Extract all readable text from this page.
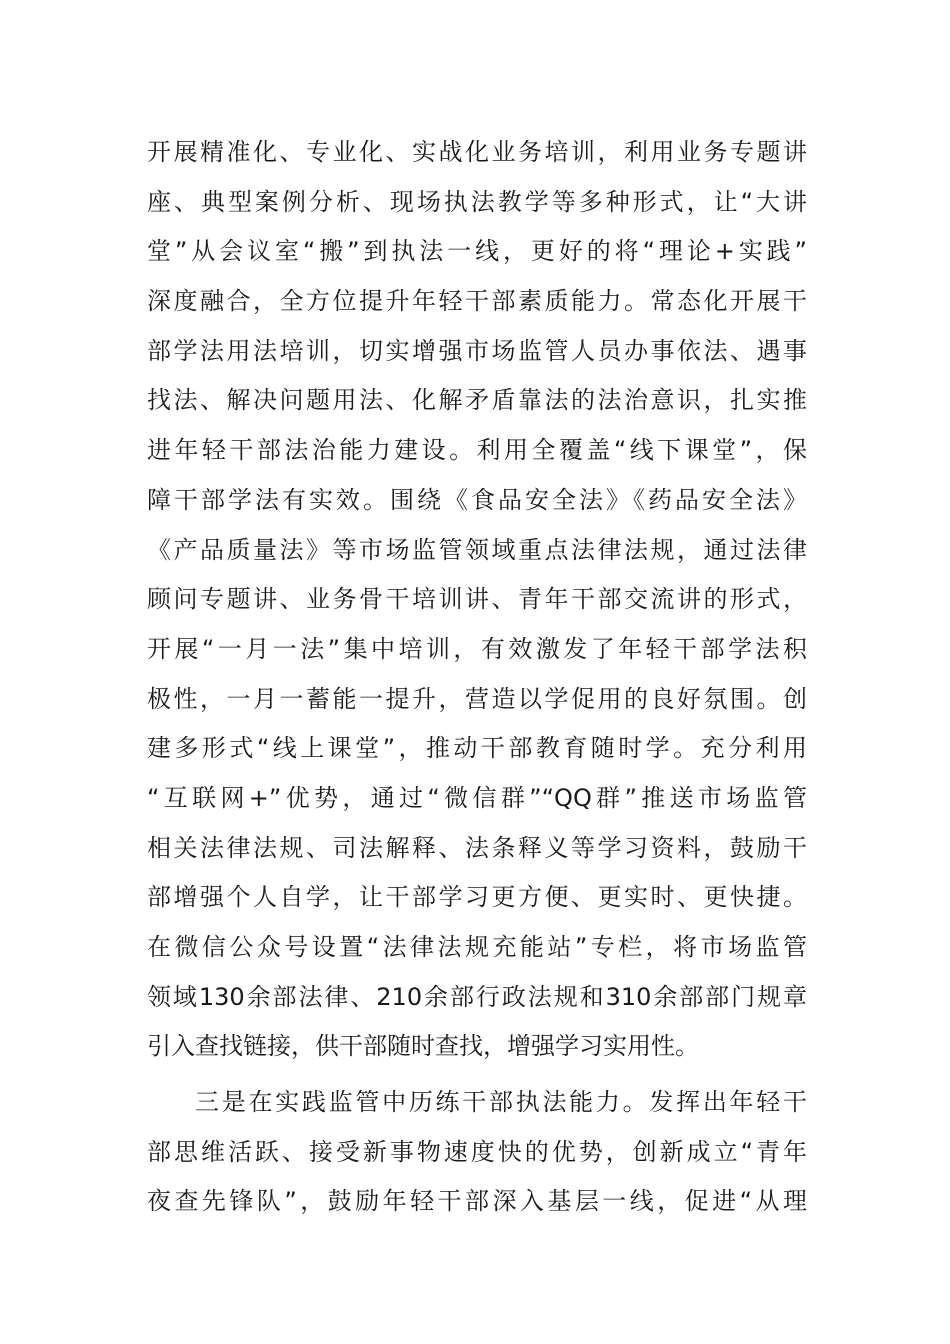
开展精准化、专业化、实战化业务培训，利用业务专题讲
座、典型案例分析、现场执法教学等多种形式，让“大讲
堂”从会议室“搬”到执法一线，更好的将“理论+实践”
深度融合，全方位提升年轻干部素质能力。常态化开展干
部学法用法培训，切实增强市场监管人员办事依法、遇事
找法、解决问题用法、化解矛盾靠法的法治意识，扎实推
进年轻干部法治能力建设。利用全覆盖“线下课堂”，保
障干部学法有实效。围绕《食品安全法》《药品安全法》
《产品质量法》等市场监管领域重点法律法规，通过法律
顾问专题讲、业务骨干培训讲、青年干部交流讲的形式，
开展“一月一法”集中培训，有效激发了年轻干部学法积
极性，一月一蓄能一提升，营造以学促用的良好氛围。创
建多形式“线上课堂”，推动干部教育随时学。充分利用
“互联网+”优势，通过“微信群”“QQ群”推送市场监管
相关法律法规、司法解释、法条释义等学习资料，鼓励干
部增强个人自学，让干部学习更方便、更实时、更快捷。
在微信公众号设置“法律法规充能站”专栏，将市场监管
领域130余部法律、210余部行政法规和310余部部门规章
引入查找链接，供干部随时查找，增强学习实用性。
三是在实践监管中历练干部执法能力。发挥出年轻干
部思维活跃、接受新事物速度快的优势，创新成立“青年
夜查先锋队”，鼓励年轻干部深入基层一线，促进“从理
